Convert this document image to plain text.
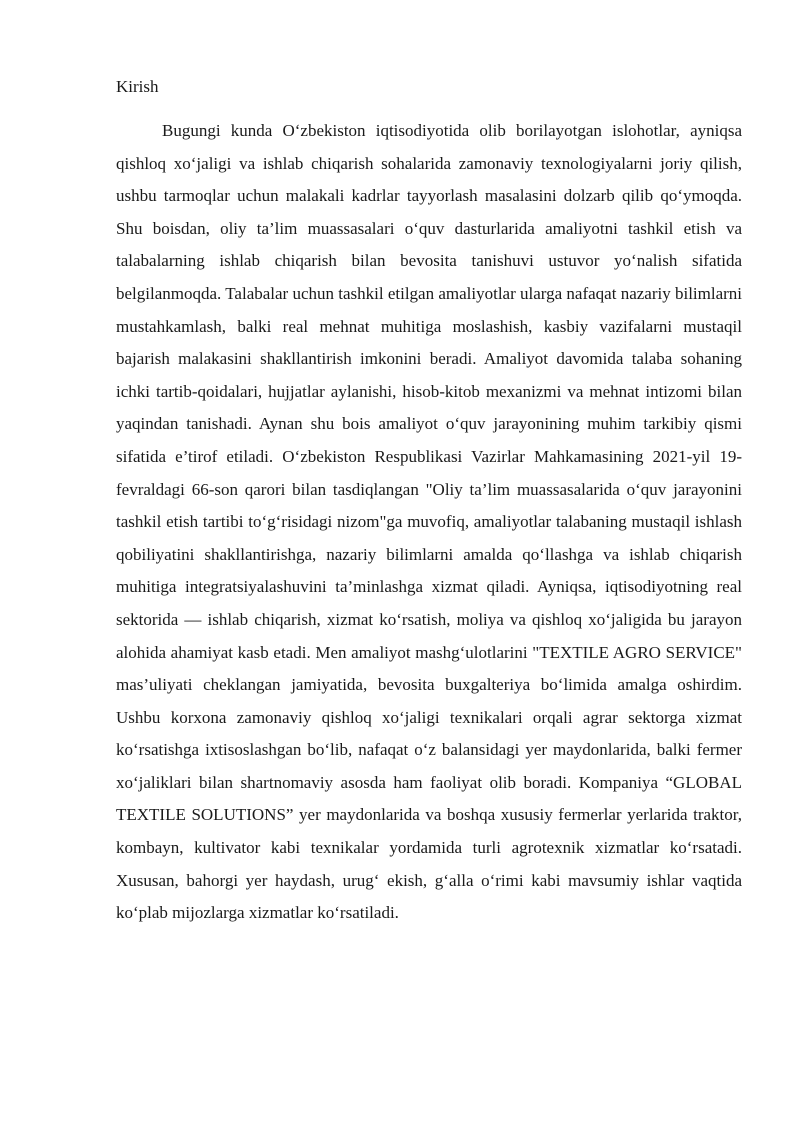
Kirish

Bugungi kunda O‘zbekiston iqtisodiyotida olib borilayotgan islohotlar, ayniqsa qishloq xo‘jaligi va ishlab chiqarish sohalarida zamonaviy texnologiyalarni joriy qilish, ushbu tarmoqlar uchun malakali kadrlar tayyorlash masalasini dolzarb qilib qo‘ymoqda. Shu boisdan, oliy ta’lim muassasalari o‘quv dasturlarida amaliyotni tashkil etish va talabalarning ishlab chiqarish bilan bevosita tanishuvi ustuvor yo‘nalish sifatida belgilanmoqda. Talabalar uchun tashkil etilgan amaliyotlar ularga nafaqat nazariy bilimlarni mustahkamlash, balki real mehnat muhitiga moslashish, kasbiy vazifalarni mustaqil bajarish malakasini shakllantirish imkonini beradi. Amaliyot davomida talaba sohaning ichki tartib-qoidalari, hujjatlar aylanishi, hisob-kitob mexanizmi va mehnat intizomi bilan yaqindan tanishadi. Aynan shu bois amaliyot o‘quv jarayonining muhim tarkibiy qismi sifatida e’tirof etiladi. O‘zbekiston Respublikasi Vazirlar Mahkamasining 2021-yil 19-fevraldagi 66-son qarori bilan tasdiqlangan "Oliy ta’lim muassasalarida o‘quv jarayonini tashkil etish tartibi to‘g‘risidagi nizom"ga muvofiq, amaliyotlar talabaning mustaqil ishlash qobiliyatini shakllantirishga, nazariy bilimlarni amalda qo‘llashga va ishlab chiqarish muhitiga integratsiyalashuvini ta’minlashga xizmat qiladi. Ayniqsa, iqtisodiyotning real sektorida — ishlab chiqarish, xizmat ko‘rsatish, moliya va qishloq xo‘jaligida bu jarayon alohida ahamiyat kasb etadi. Men amaliyot mashg‘ulotlarini "TEXTILE AGRO SERVICE" mas’uliyati cheklangan jamiyatida, bevosita buxgalteriya bo‘limida amalga oshirdim. Ushbu korxona zamonaviy qishloq xo‘jaligi texnikalari orqali agrar sektorga xizmat ko‘rsatishga ixtisoslashgan bo‘lib, nafaqat o‘z balansidagi yer maydonlarida, balki fermer xo‘jaliklari bilan shartnomaviy asosda ham faoliyat olib boradi. Kompaniya “GLOBAL TEXTILE SOLUTIONS” yer maydonlarida va boshqa xususiy fermerlar yerlarida traktor, kombayn, kultivator kabi texnikalar yordamida turli agrotexnik xizmatlar ko‘rsatadi. Xususan, bahorgi yer haydash, urug‘ ekish, g‘alla o‘rimi kabi mavsumiy ishlar vaqtida ko‘plab mijozlarga xizmatlar ko‘rsatiladi.
